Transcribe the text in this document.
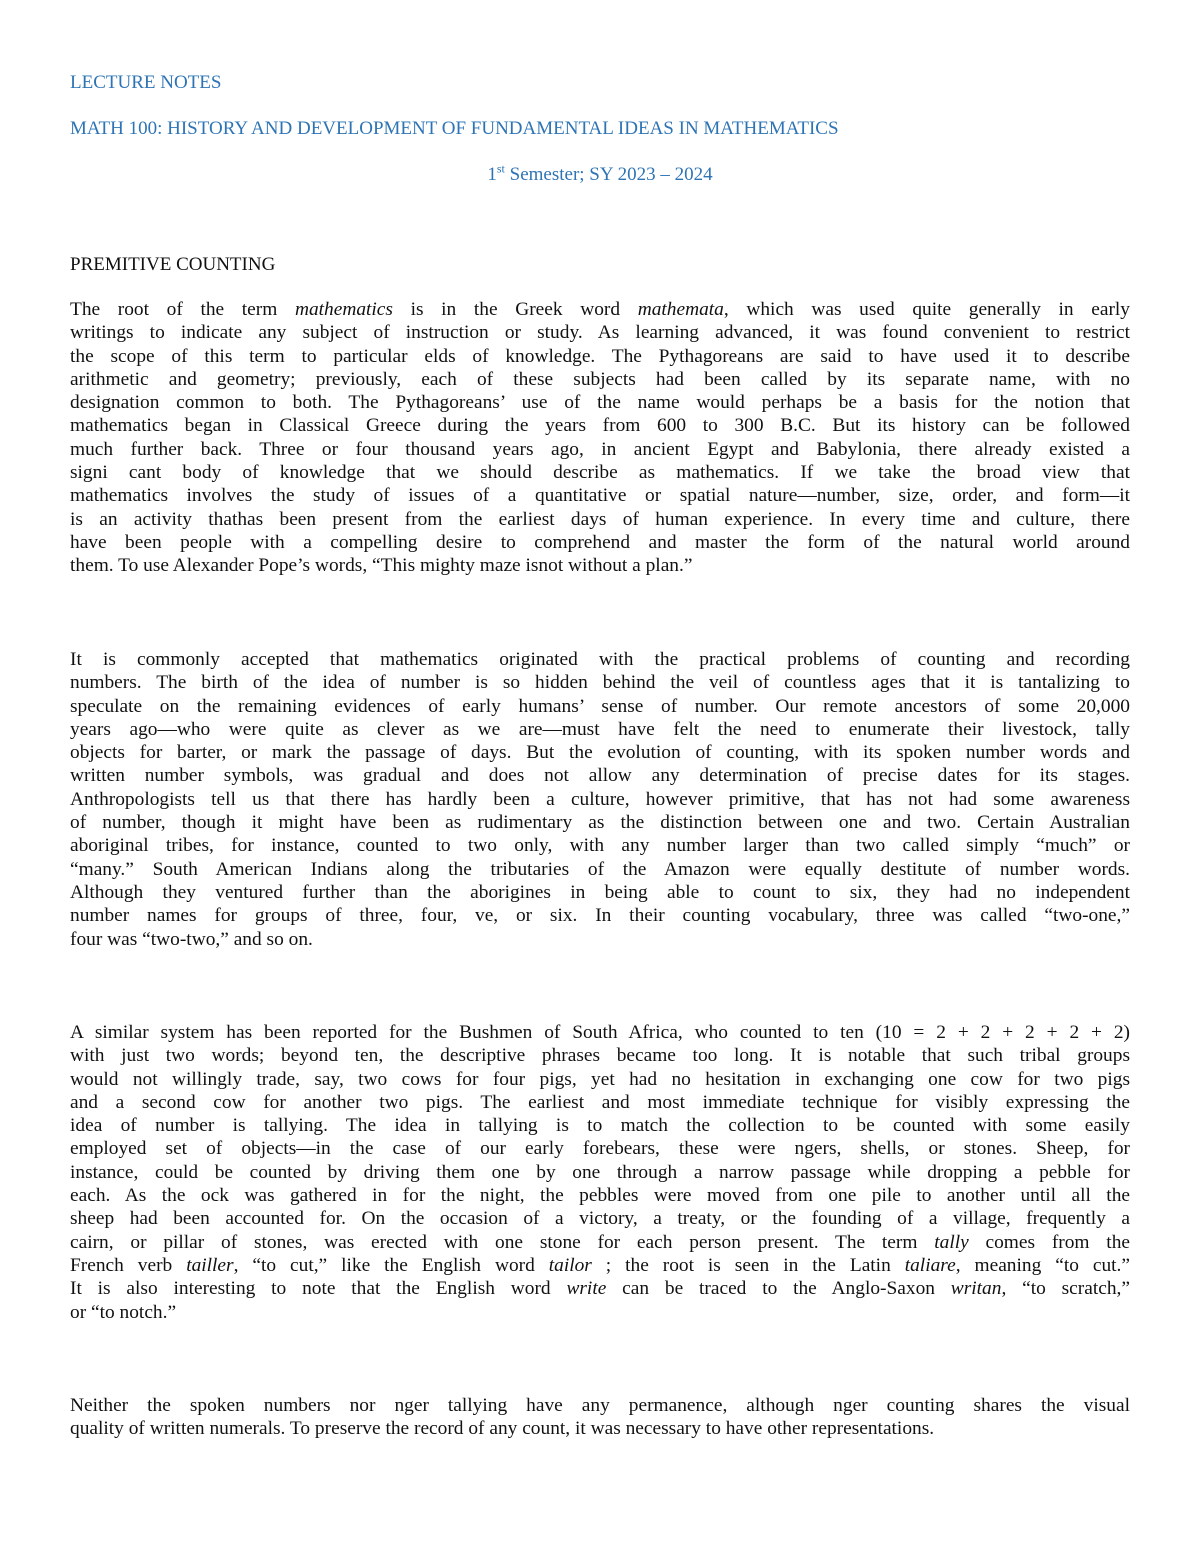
LECTURE NOTES
MATH 100: HISTORY AND DEVELOPMENT OF FUNDAMENTAL IDEAS IN MATHEMATICS
1st Semester; SY 2023 – 2024
PREMITIVE COUNTING
The root of the term mathematics is in the Greek word mathemata, which was used quite generally in early
writings to indicate any subject of instruction or study. As learning advanced, it was found convenient to restrict
the scope of this term to particular elds of knowledge. The Pythagoreans are said to have used it to describe
arithmetic and geometry; previously, each of these subjects had been called by its separate name, with no
designation common to both. The Pythagoreans’ use of the name would perhaps be a basis for the notion that
mathematics began in Classical Greece during the years from 600 to 300 B.C. But its history can be followed
much further back. Three or four thousand years ago, in ancient Egypt and Babylonia, there already existed a
signi cant body of knowledge that we should describe as mathematics. If we take the broad view that
mathematics involves the study of issues of a quantitative or spatial nature—number, size, order, and form—it
is an activity thathas been present from the earliest days of human experience. In every time and culture, there
have been people with a compelling desire to comprehend and master the form of the natural world around
them. To use Alexander Pope’s words, “This mighty maze isnot without a plan.”
It is commonly accepted that mathematics originated with the practical problems of counting and recording
numbers. The birth of the idea of number is so hidden behind the veil of countless ages that it is tantalizing to
speculate on the remaining evidences of early humans’ sense of number. Our remote ancestors of some 20,000
years ago—who were quite as clever as we are—must have felt the need to enumerate their livestock, tally
objects for barter, or mark the passage of days. But the evolution of counting, with its spoken number words and
written number symbols, was gradual and does not allow any determination of precise dates for its stages.
Anthropologists tell us that there has hardly been a culture, however primitive, that has not had some awareness
of number, though it might have been as rudimentary as the distinction between one and two. Certain Australian
aboriginal tribes, for instance, counted to two only, with any number larger than two called simply “much” or
“many.” South American Indians along the tributaries of the Amazon were equally destitute of number words.
Although they ventured further than the aborigines in being able to count to six, they had no independent
number names for groups of three, four, ve, or six. In their counting vocabulary, three was called “two-one,”
four was “two-two,” and so on.
A similar system has been reported for the Bushmen of South Africa, who counted to ten (10 = 2 + 2 + 2 + 2 + 2)
with just two words; beyond ten, the descriptive phrases became too long. It is notable that such tribal groups
would not willingly trade, say, two cows for four pigs, yet had no hesitation in exchanging one cow for two pigs
and a second cow for another two pigs. The earliest and most immediate technique for visibly expressing the
idea of number is tallying. The idea in tallying is to match the collection to be counted with some easily
employed set of objects—in the case of our early forebears, these were ngers, shells, or stones. Sheep, for
instance, could be counted by driving them one by one through a narrow passage while dropping a pebble for
each. As the ock was gathered in for the night, the pebbles were moved from one pile to another until all the
sheep had been accounted for. On the occasion of a victory, a treaty, or the founding of a village, frequently a
cairn, or pillar of stones, was erected with one stone for each person present. The term tally comes from the
French verb tailler, “to cut,” like the English word tailor ; the root is seen in the Latin taliare, meaning “to cut.”
It is also interesting to note that the English word write can be traced to the Anglo-Saxon writan, “to scratch,”
or “to notch.”
Neither the spoken numbers nor nger tallying have any permanence, although nger counting shares the visual
quality of written numerals. To preserve the record of any count, it was necessary to have other representations.
